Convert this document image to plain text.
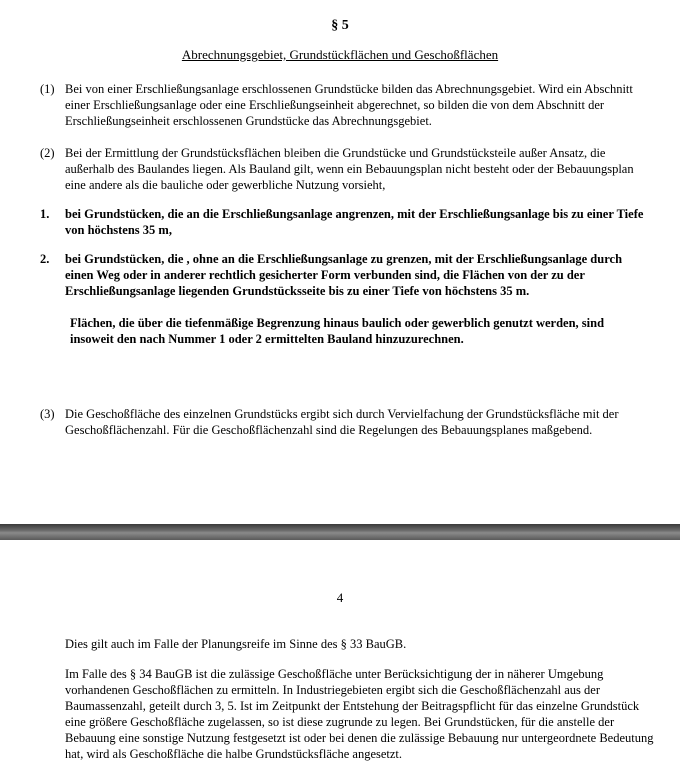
§ 5
Abrechnungsgebiet, Grundstückflächen und Geschoßflächen
(1) Bei von einer Erschließungsanlage erschlossenen Grundstücke bilden das Abrechnungsgebiet. Wird ein Abschnitt einer Erschließungsanlage oder eine Erschließungseinheit abgerechnet, so bilden die von dem Abschnitt der Erschließungseinheit erschlossenen Grundstücke das Abrechnungsgebiet.
(2) Bei der Ermittlung der Grundstücksflächen bleiben die Grundstücke und Grundstücksteile außer Ansatz, die außerhalb des Baulandes liegen. Als Bauland gilt, wenn ein Bebauungsplan nicht besteht oder der Bebauungsplan eine andere als die bauliche oder gewerbliche Nutzung vorsieht,
1. bei Grundstücken, die an die Erschließungsanlage angrenzen, mit der Erschließungsanlage bis zu einer Tiefe von höchstens 35 m,
2. bei Grundstücken, die , ohne an die Erschließungsanlage zu grenzen, mit der Erschließungsanlage durch einen Weg oder in anderer rechtlich gesicherter Form verbunden sind, die Flächen von der zu der Erschließungsanlage liegenden Grundstücksseite bis zu einer Tiefe von höchstens 35 m.
Flächen, die über die tiefenmäßige Begrenzung hinaus baulich oder gewerblich genutzt werden, sind insoweit den nach Nummer 1 oder 2 ermittelten Bauland hinzuzurechnen.
(3) Die Geschoßfläche des einzelnen Grundstücks ergibt sich durch Vervielfachung der Grundstücksfläche mit der Geschoßflächenzahl. Für die Geschoßflächenzahl sind die Regelungen des Bebauungsplanes maßgebend.
4
Dies gilt auch im Falle der Planungsreife im Sinne des § 33 BauGB.
Im Falle des § 34 BauGB ist die zulässige Geschoßfläche unter Berücksichtigung der in näherer Umgebung vorhandenen Geschoßflächen zu ermitteln. In Industriegebieten ergibt sich die Geschoßflächenzahl aus der Baumassenzahl, geteilt durch 3, 5. Ist im Zeitpunkt der Entstehung der Beitragspflicht für das einzelne Grundstück eine größere Geschoßfläche zugelassen, so ist diese zugrunde zu legen. Bei Grundstücken, für die anstelle der Bebauung eine sonstige Nutzung festgesetzt ist oder bei denen die zulässige Bebauung nur untergeordnete Bedeutung hat, wird als Geschoßfläche die halbe Grundstücksfläche angesetzt.
